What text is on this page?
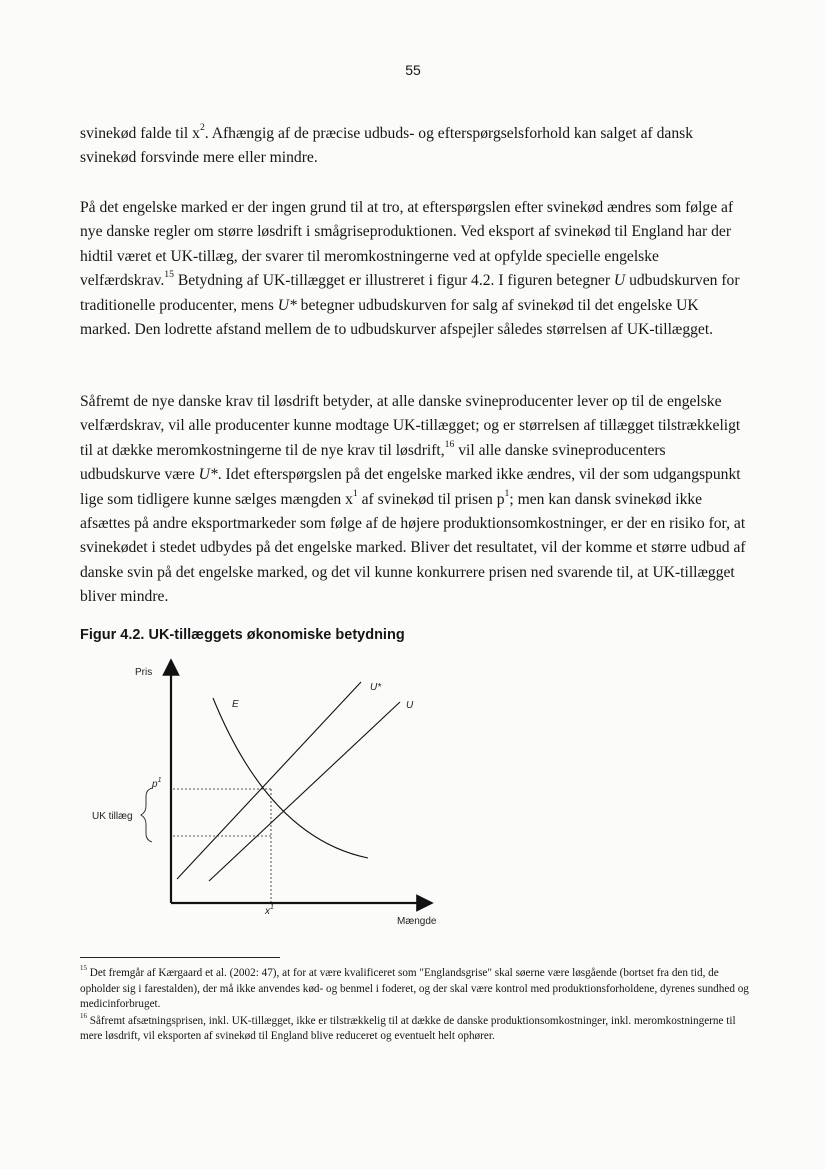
55

svinekød falde til $x^2$. Afhængig af de præcise udbuds- og efterspørgselsforhold kan salget af dansk svinekød forsvinde mere eller mindre.

På det engelske marked er der ingen grund til at tro, at efterspørgslen efter svinekød ændres som følge af nye danske regler om større løsdrift i smågriseproduktionen. Ved eksport af svinekød til England har der hidtil været et UK-tillæg, der svarer til meromkostningerne ved at opfylde specielle engelske velfærdskrav.$^{15}$ Betydning af UK-tillægget er illustreret i figur 4.2. I figuren betegner U udbudskurven for traditionelle producenter, mens U* betegner udbudskurven for salg af svinekød til det engelske UK marked. Den lodrette afstand mellem de to udbudskurver afspejler således størrelsen af UK-tillægget.

Såfremt de nye danske krav til løsdrift betyder, at alle danske svineproducenter lever op til de engelske velfærdskrav, vil alle producenter kunne modtage UK-tillægget; og er størrelsen af tillægget tilstrækkeligt til at dække meromkostningerne til de nye krav til løsdrift,$^{16}$ vil alle danske svineproducenters udbudskurve være U*. Idet efterspørgslen på det engelske marked ikke ændres, vil der som udgangspunkt lige som tidligere kunne sælges mængden $x^1$ af svinekød til prisen $p^1$; men kan dansk svinekød ikke afsættes på andre eksportmarkeder som følge af de højere produktionsomkostninger, er der en risiko for, at svinekødet i stedet udbydes på det engelske marked. Bliver det resultatet, vil der komme et større udbud af danske svin på det engelske marked, og det vil kunne konkurrere prisen ned svarende til, at UK-tillægget bliver mindre.

Figur 4.2. UK-tillæggets økonomiske betydning
Pris
Mængde
E
U*
U
$p^1$
$x^1$
UK tillæg

$^{15}$ Det fremgår af Kærgaard et al. (2002: 47), at for at være kvalificeret som "Englandsgrise" skal søerne være løsgående (bortset fra den tid, de opholder sig i farestalden), der må ikke anvendes kød- og benmel i foderet, og der skal være kontrol med produktionsforholdene, dyrenes sundhed og medicinforbruget.

$^{16}$ Såfremt afsætningsprisen, inkl. UK-tillægget, ikke er tilstrækkelig til at dække de danske produktionsomkostninger, inkl. meromkostningerne til mere løsdrift, vil eksporten af svinekød til England blive reduceret og eventuelt helt ophører.
